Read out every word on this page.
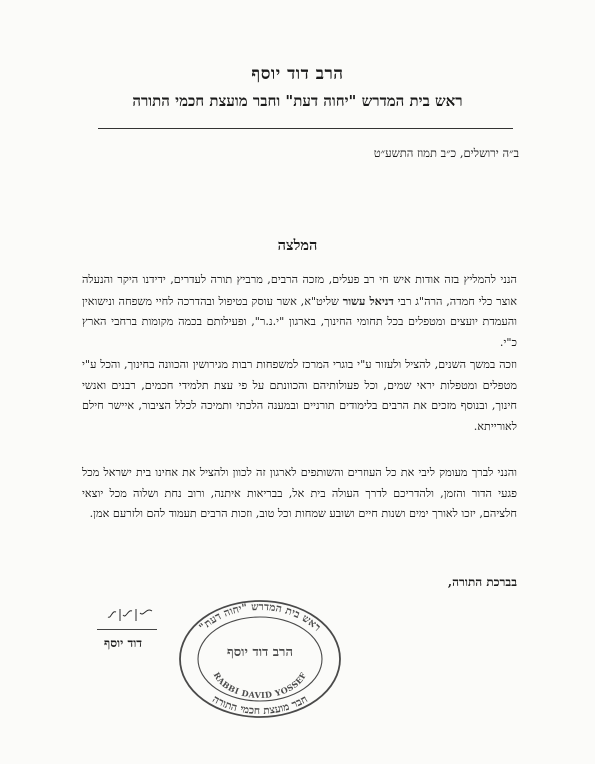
הרב דוד יוסף
ראש בית המדרש "יחוה דעת" וחבר מועצת חכמי התורה
ב״ה ירושלים, כ״ב תמוז התשע״ט
המלצה
הנני להמליץ בזה אודות איש חי רב פעלים, מזכה הרבים, מרביץ תורה לעדרים, ידידנו היקר והנעלה אוצר כלי חמדה, הרה"ג רבי דניאל עשור שליט"א, אשר עוסק בטיפול ובהדרכה לחיי משפחה ונישואין והעמדת יועצים ומטפלים בכל תחומי החינוך, בארגון "י.נ.ר", ופעילותם בכמה מקומות ברחבי הארץ כ"י.
וזכה במשך השנים, להציל ולעזור ע"י בוגרי המרכז למשפחות רבות מגירושין והכוונה בחינוך, והכל ע"י מטפלים ומטפלות יראי שמים, וכל פעולותיהם והכוונתם על פי עצת תלמידי חכמים, רבנים ואנשי חינוך, ובנוסף מזכים את הרבים בלימודים תורניים ובמענה הלכתי ותמיכה לכלל הציבור, איישר חילם לאורייתא.
והנני לברך מעומק ליבי את כל העוזרים והשותפים לארגון זה לכוון ולהציל את אחינו בית ישראל מכל פגעי הדור והזמן, ולהדריכם לדרך העולה בית אל, בבריאות איתנה, ורוב נחת ושלוה מכל יוצאי חלציהם, יזכו לאורך ימים ושנות חיים ושובע שמחות וכל טוב, וזכות הרבים תעמוד להם ולזרעם אמן.
בברכת התורה,
דוד יוסף
ראש בית המדרש "יחוה דעת"
חבר מועצת חכמי התורה
הרב דוד יוסף
RABBI DAVID YOSSEF
